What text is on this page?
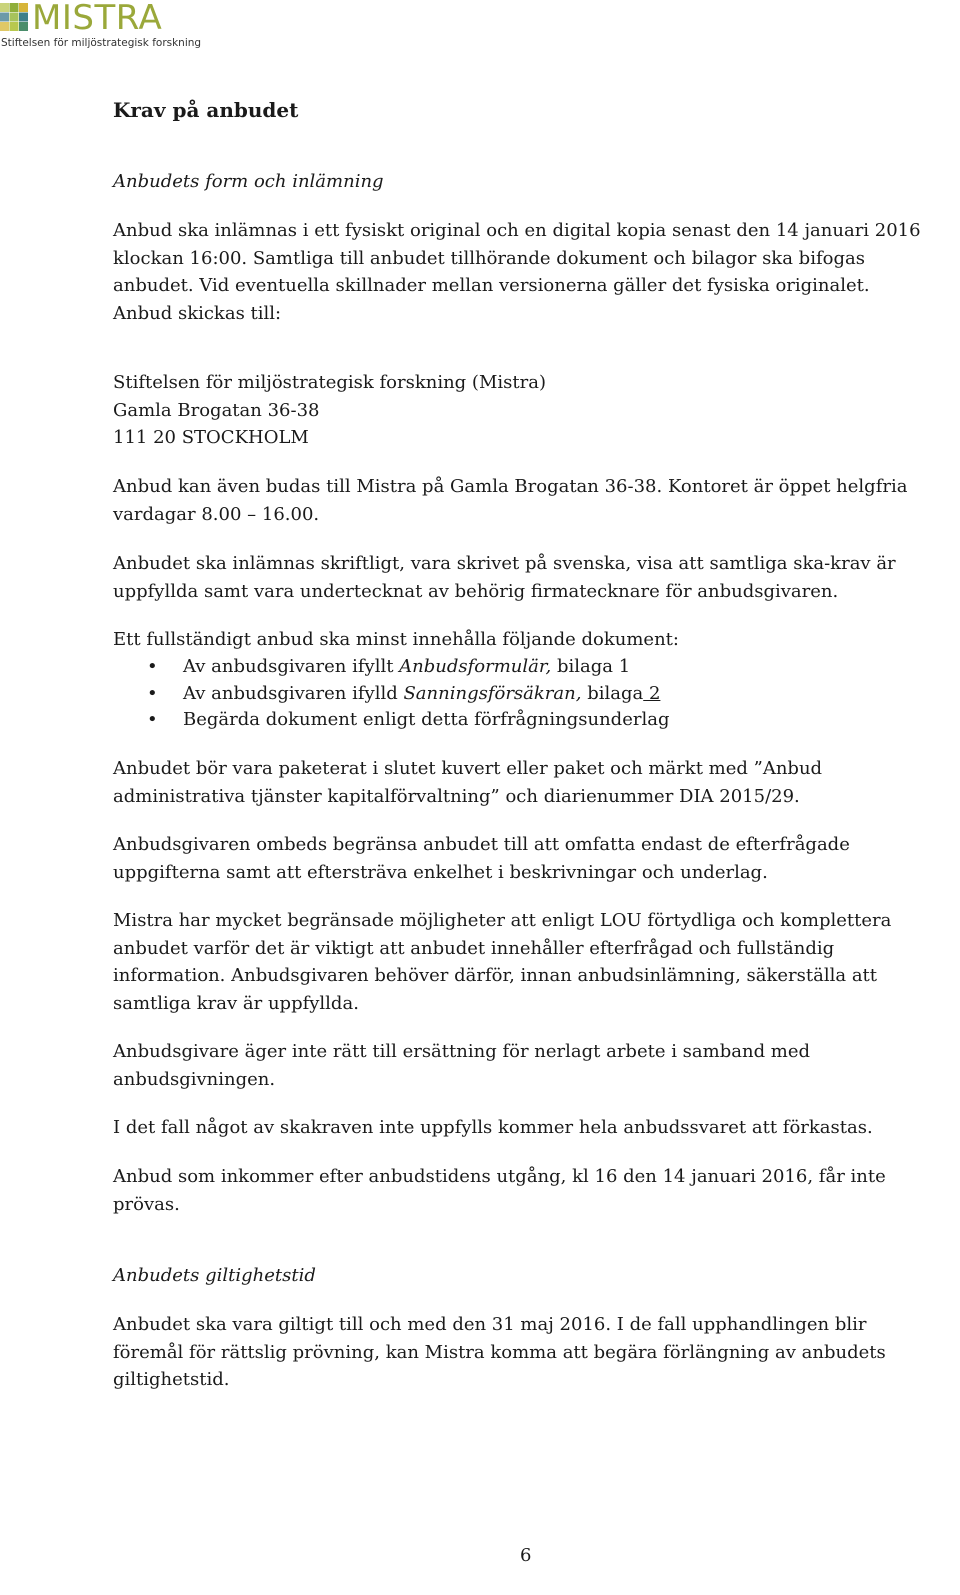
MISTRA
Stiftelsen för miljöstrategisk forskning
Krav på anbudet
Anbudets form och inlämning
Anbud ska inlämnas i ett fysiskt original och en digital kopia senast den 14 januari 2016
klockan 16:00. Samtliga till anbudet tillhörande dokument och bilagor ska bifogas
anbudet. Vid eventuella skillnader mellan versionerna gäller det fysiska originalet.
Anbud skickas till:
Stiftelsen för miljöstrategisk forskning (Mistra)
Gamla Brogatan 36-38
111 20 STOCKHOLM
Anbud kan även budas till Mistra på Gamla Brogatan 36-38. Kontoret är öppet helgfria
vardagar 8.00 – 16.00.
Anbudet ska inlämnas skriftligt, vara skrivet på svenska, visa att samtliga ska-krav är
uppfyllda samt vara undertecknat av behörig firmatecknare för anbudsgivaren.
Ett fullständigt anbud ska minst innehålla följande dokument:
• Av anbudsgivaren ifyllt Anbudsformulär, bilaga 1
• Av anbudsgivaren ifylld Sanningsförsäkran, bilaga 2
• Begärda dokument enligt detta förfrågningsunderlag
Anbudet bör vara paketerat i slutet kuvert eller paket och märkt med ”Anbud
administrativa tjänster kapitalförvaltning” och diarienummer DIA 2015/29.
Anbudsgivaren ombeds begränsa anbudet till att omfatta endast de efterfrågade
uppgifterna samt att eftersträva enkelhet i beskrivningar och underlag.
Mistra har mycket begränsade möjligheter att enligt LOU förtydliga och komplettera
anbudet varför det är viktigt att anbudet innehåller efterfrågad och fullständig
information. Anbudsgivaren behöver därför, innan anbudsinlämning, säkerställa att
samtliga krav är uppfyllda.
Anbudsgivare äger inte rätt till ersättning för nerlagt arbete i samband med
anbudsgivningen.
I det fall något av skakraven inte uppfylls kommer hela anbudssvaret att förkastas.
Anbud som inkommer efter anbudstidens utgång, kl 16 den 14 januari 2016, får inte
prövas.
Anbudets giltighetstid
Anbudet ska vara giltigt till och med den 31 maj 2016. I de fall upphandlingen blir
föremål för rättslig prövning, kan Mistra komma att begära förlängning av anbudets
giltighetstid.
6
